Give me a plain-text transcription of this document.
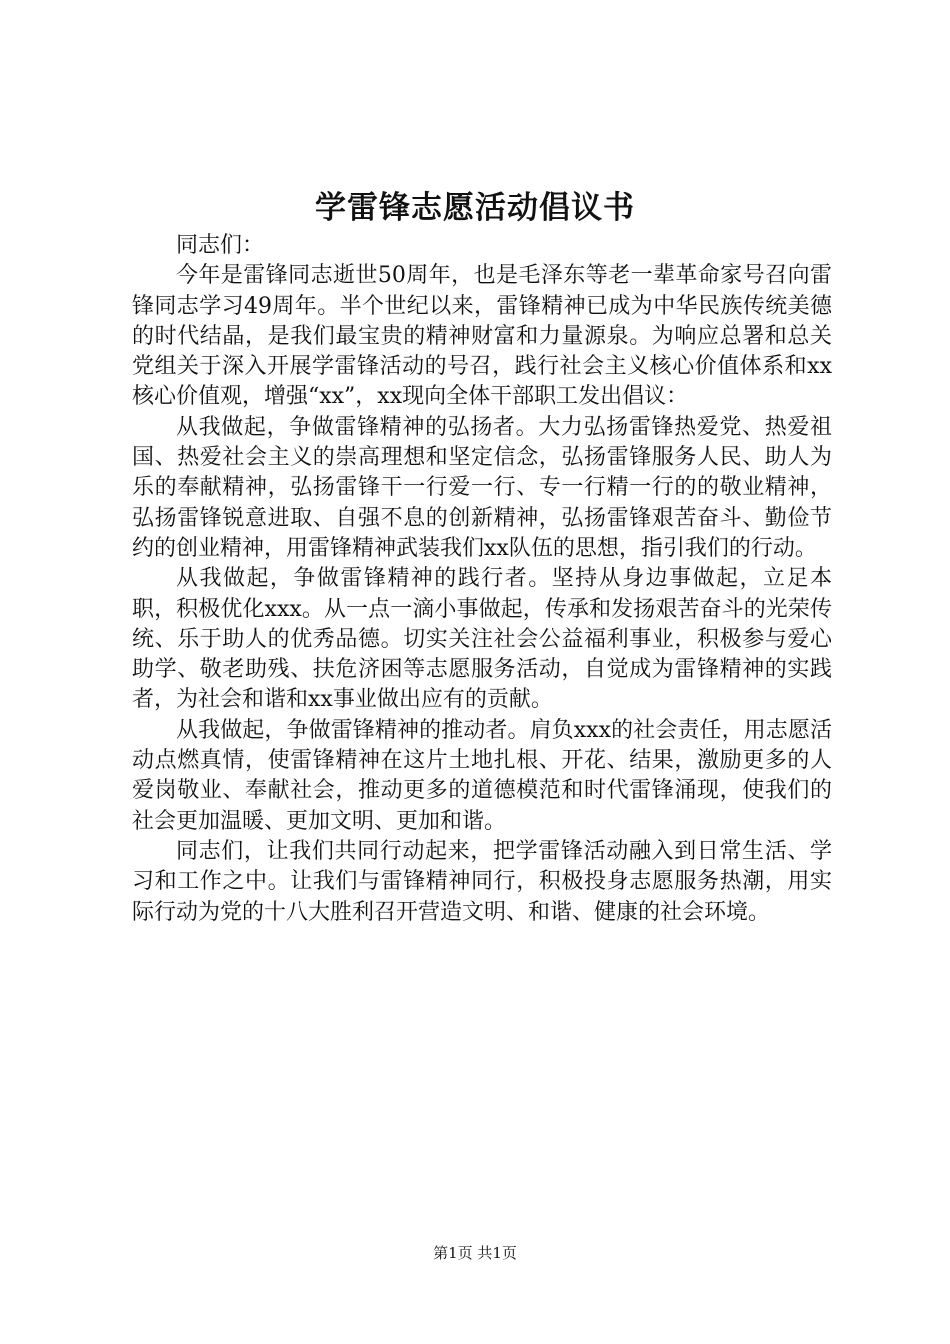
学雷锋志愿活动倡议书

同志们：

今年是雷锋同志逝世50周年，也是毛泽东等老一辈革命家号召向雷锋同志学习49周年。半个世纪以来，雷锋精神已成为中华民族传统美德的时代结晶，是我们最宝贵的精神财富和力量源泉。为响应总署和总关党组关于深入开展学雷锋活动的号召，践行社会主义核心价值体系和xx核心价值观，增强“xx”，xx现向全体干部职工发出倡议：

从我做起，争做雷锋精神的弘扬者。大力弘扬雷锋热爱党、热爱祖国、热爱社会主义的崇高理想和坚定信念，弘扬雷锋服务人民、助人为乐的奉献精神，弘扬雷锋干一行爱一行、专一行精一行的的敬业精神，弘扬雷锋锐意进取、自强不息的创新精神，弘扬雷锋艰苦奋斗、勤俭节约的创业精神，用雷锋精神武装我们xx队伍的思想，指引我们的行动。

从我做起，争做雷锋精神的践行者。坚持从身边事做起，立足本职，积极优化xxx。从一点一滴小事做起，传承和发扬艰苦奋斗的光荣传统、乐于助人的优秀品德。切实关注社会公益福利事业，积极参与爱心助学、敬老助残、扶危济困等志愿服务活动，自觉成为雷锋精神的实践者，为社会和谐和xx事业做出应有的贡献。

从我做起，争做雷锋精神的推动者。肩负xxx的社会责任，用志愿活动点燃真情，使雷锋精神在这片土地扎根、开花、结果，激励更多的人爱岗敬业、奉献社会，推动更多的道德模范和时代雷锋涌现，使我们的社会更加温暖、更加文明、更加和谐。

同志们，让我们共同行动起来，把学雷锋活动融入到日常生活、学习和工作之中。让我们与雷锋精神同行，积极投身志愿服务热潮，用实际行动为党的十八大胜利召开营造文明、和谐、健康的社会环境。

第1页 共1页
